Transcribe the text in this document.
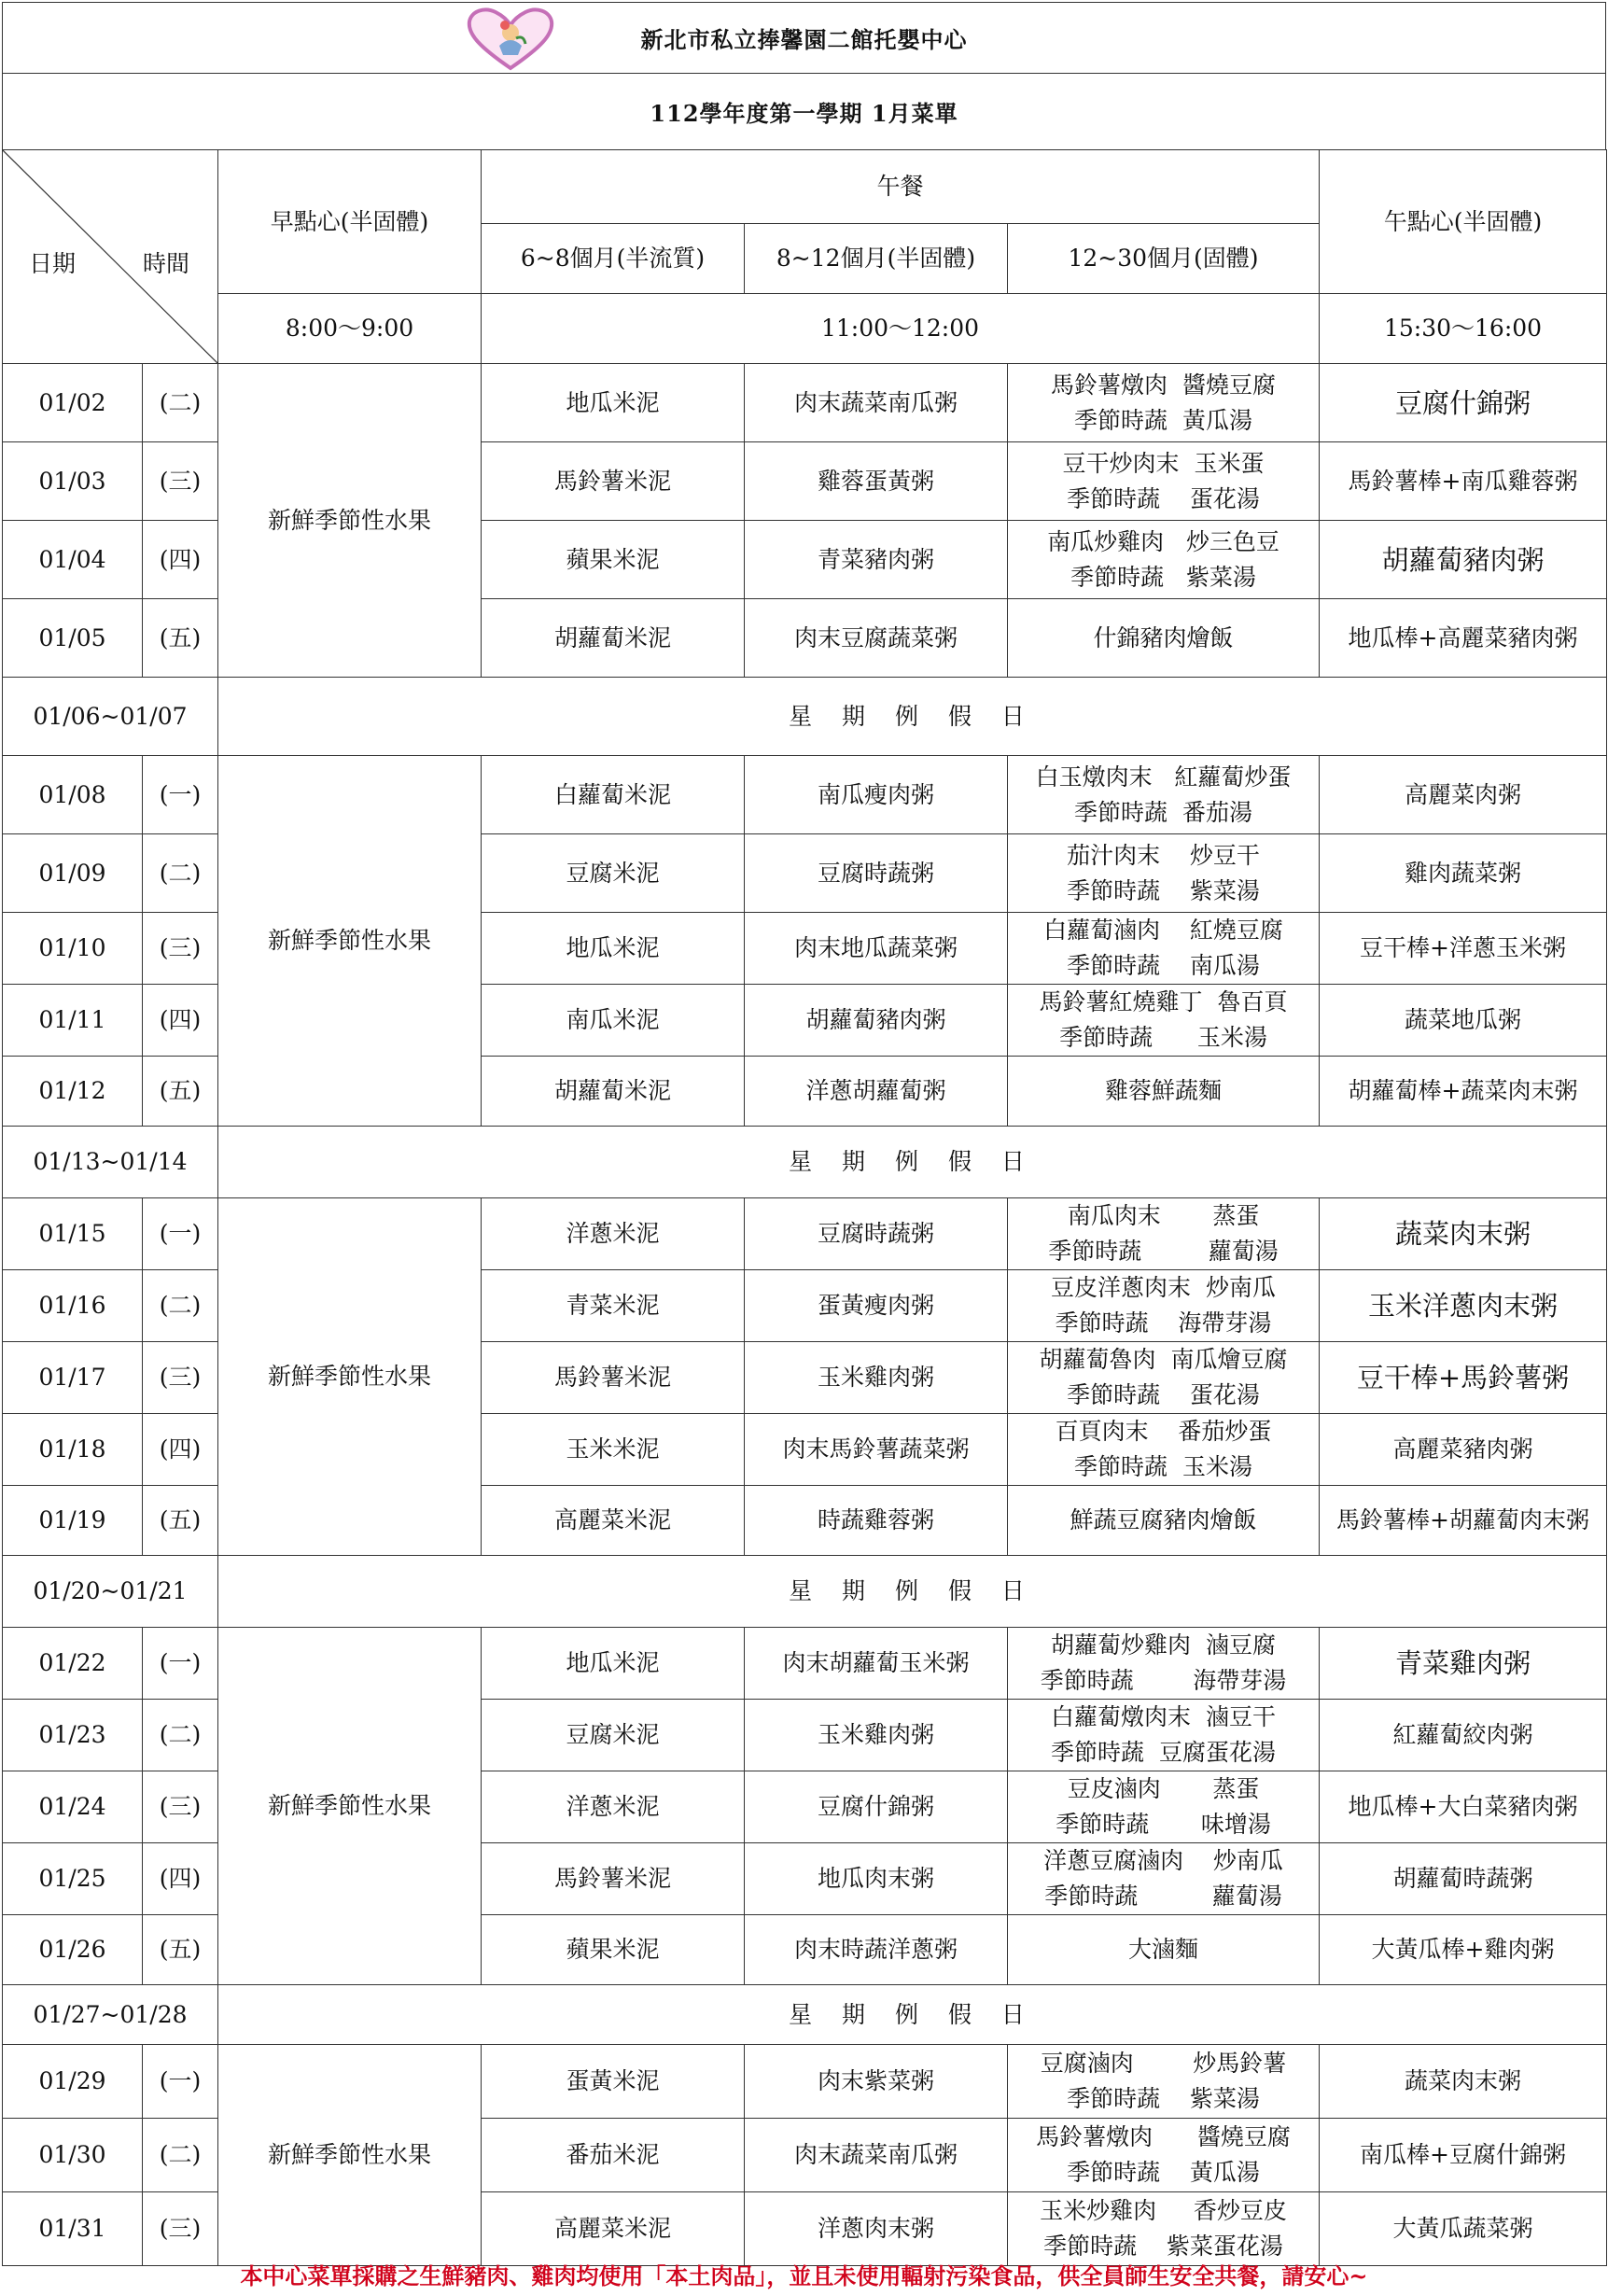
新北市私立捧馨園二館托嬰中心
112學年度第一學期 1月菜單
日期 時間		早點心(半固體)	午餐			午點心(半固體)
			6~8個月(半流質)	8~12個月(半固體)	12~30個月(固體)	
		8:00～9:00	11:00～12:00			15:30～16:00
01/02	(二)	新鮮季節性水果	地瓜米泥	肉末蔬菜南瓜粥	馬鈴薯燉肉  醬燒豆腐
季節時蔬  黃瓜湯	豆腐什錦粥
01/03	(三)		馬鈴薯米泥	雞蓉蛋黃粥	豆干炒肉末  玉米蛋
季節時蔬    蛋花湯	馬鈴薯棒+南瓜雞蓉粥
01/04	(四)		蘋果米泥	青菜豬肉粥	南瓜炒雞肉   炒三色豆
季節時蔬   紫菜湯	胡蘿蔔豬肉粥
01/05	(五)		胡蘿蔔米泥	肉末豆腐蔬菜粥	什錦豬肉燴飯	地瓜棒+高麗菜豬肉粥
01/06~01/07		星 期 例 假 日				
01/08	(一)	新鮮季節性水果	白蘿蔔米泥	南瓜瘦肉粥	白玉燉肉末   紅蘿蔔炒蛋
季節時蔬  番茄湯	高麗菜肉粥
01/09	(二)		豆腐米泥	豆腐時蔬粥	茄汁肉末    炒豆干
季節時蔬    紫菜湯	雞肉蔬菜粥
01/10	(三)		地瓜米泥	肉末地瓜蔬菜粥	白蘿蔔滷肉    紅燒豆腐
季節時蔬    南瓜湯	豆干棒+洋蔥玉米粥
01/11	(四)		南瓜米泥	胡蘿蔔豬肉粥	馬鈴薯紅燒雞丁  魯百頁
季節時蔬      玉米湯	蔬菜地瓜粥
01/12	(五)		胡蘿蔔米泥	洋蔥胡蘿蔔粥	雞蓉鮮蔬麵	胡蘿蔔棒+蔬菜肉末粥
01/13~01/14		星 期 例 假 日				
01/15	(一)	新鮮季節性水果	洋蔥米泥	豆腐時蔬粥	南瓜肉末       蒸蛋
季節時蔬         蘿蔔湯	蔬菜肉末粥
01/16	(二)		青菜米泥	蛋黃瘦肉粥	豆皮洋蔥肉末  炒南瓜
季節時蔬    海帶芽湯	玉米洋蔥肉末粥
01/17	(三)		馬鈴薯米泥	玉米雞肉粥	胡蘿蔔魯肉  南瓜燴豆腐
季節時蔬    蛋花湯	豆干棒+馬鈴薯粥
01/18	(四)		玉米米泥	肉末馬鈴薯蔬菜粥	百頁肉末    番茄炒蛋
季節時蔬  玉米湯	高麗菜豬肉粥
01/19	(五)		高麗菜米泥	時蔬雞蓉粥	鮮蔬豆腐豬肉燴飯	馬鈴薯棒+胡蘿蔔肉末粥
01/20~01/21		星 期 例 假 日				
01/22	(一)	新鮮季節性水果	地瓜米泥	肉末胡蘿蔔玉米粥	胡蘿蔔炒雞肉  滷豆腐
季節時蔬        海帶芽湯	青菜雞肉粥
01/23	(二)		豆腐米泥	玉米雞肉粥	白蘿蔔燉肉末  滷豆干
季節時蔬  豆腐蛋花湯	紅蘿蔔絞肉粥
01/24	(三)		洋蔥米泥	豆腐什錦粥	豆皮滷肉       蒸蛋
季節時蔬       味增湯	地瓜棒+大白菜豬肉粥
01/25	(四)		馬鈴薯米泥	地瓜肉末粥	洋蔥豆腐滷肉    炒南瓜
季節時蔬          蘿蔔湯	胡蘿蔔時蔬粥
01/26	(五)		蘋果米泥	肉末時蔬洋蔥粥	大滷麵	大黃瓜棒+雞肉粥
01/27~01/28		星 期 例 假 日				
01/29	(一)	新鮮季節性水果	蛋黃米泥	肉末紫菜粥	豆腐滷肉        炒馬鈴薯
季節時蔬    紫菜湯	蔬菜肉末粥
01/30	(二)		番茄米泥	肉末蔬菜南瓜粥	馬鈴薯燉肉      醬燒豆腐
季節時蔬    黃瓜湯	南瓜棒+豆腐什錦粥
01/31	(三)		高麗菜米泥	洋蔥肉末粥	玉米炒雞肉     香炒豆皮
季節時蔬    紫菜蛋花湯	大黃瓜蔬菜粥
本中心菜單採購之生鮮豬肉、雞肉均使用「本土肉品」，並且未使用輻射污染食品，供全員師生安全共餐，請安心~
